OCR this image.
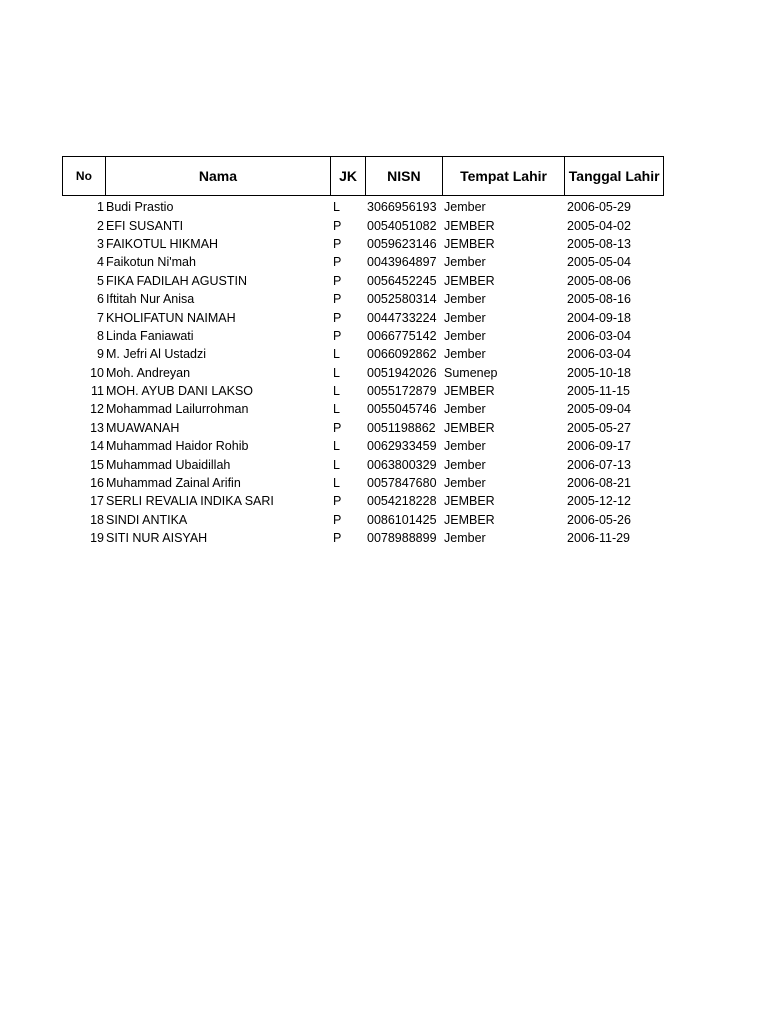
No	Nama	JK	NISN	Tempat Lahir	Tanggal Lahir
1 Budi Prastio	L	3066956193 Jember	2006-05-29
2 EFI SUSANTI	P	0054051082 JEMBER	2005-04-02
3 FAIKOTUL HIKMAH	P	0059623146 JEMBER	2005-08-13
4 Faikotun Ni'mah	P	0043964897 Jember	2005-05-04
5 FIKA FADILAH AGUSTIN	P	0056452245 JEMBER	2005-08-06
6 Iftitah Nur Anisa	P	0052580314 Jember	2005-08-16
7 KHOLIFATUN NAIMAH	P	0044733224 Jember	2004-09-18
8 Linda Faniawati	P	0066775142 Jember	2006-03-04
9 M. Jefri Al Ustadzi	L	0066092862 Jember	2006-03-04
10 Moh. Andreyan	L	0051942026 Sumenep	2005-10-18
11 MOH. AYUB DANI LAKSO	L	0055172879 JEMBER	2005-11-15
12 Mohammad Lailurrohman	L	0055045746 Jember	2005-09-04
13 MUAWANAH	P	0051198862 JEMBER	2005-05-27
14 Muhammad Haidor Rohib	L	0062933459 Jember	2006-09-17
15 Muhammad Ubaidillah	L	0063800329 Jember	2006-07-13
16 Muhammad Zainal Arifin	L	0057847680 Jember	2006-08-21
17 SERLI REVALIA INDIKA SARI	P	0054218228 JEMBER	2005-12-12
18 SINDI ANTIKA	P	0086101425 JEMBER	2006-05-26
19 SITI NUR AISYAH	P	0078988899 Jember	2006-11-29
